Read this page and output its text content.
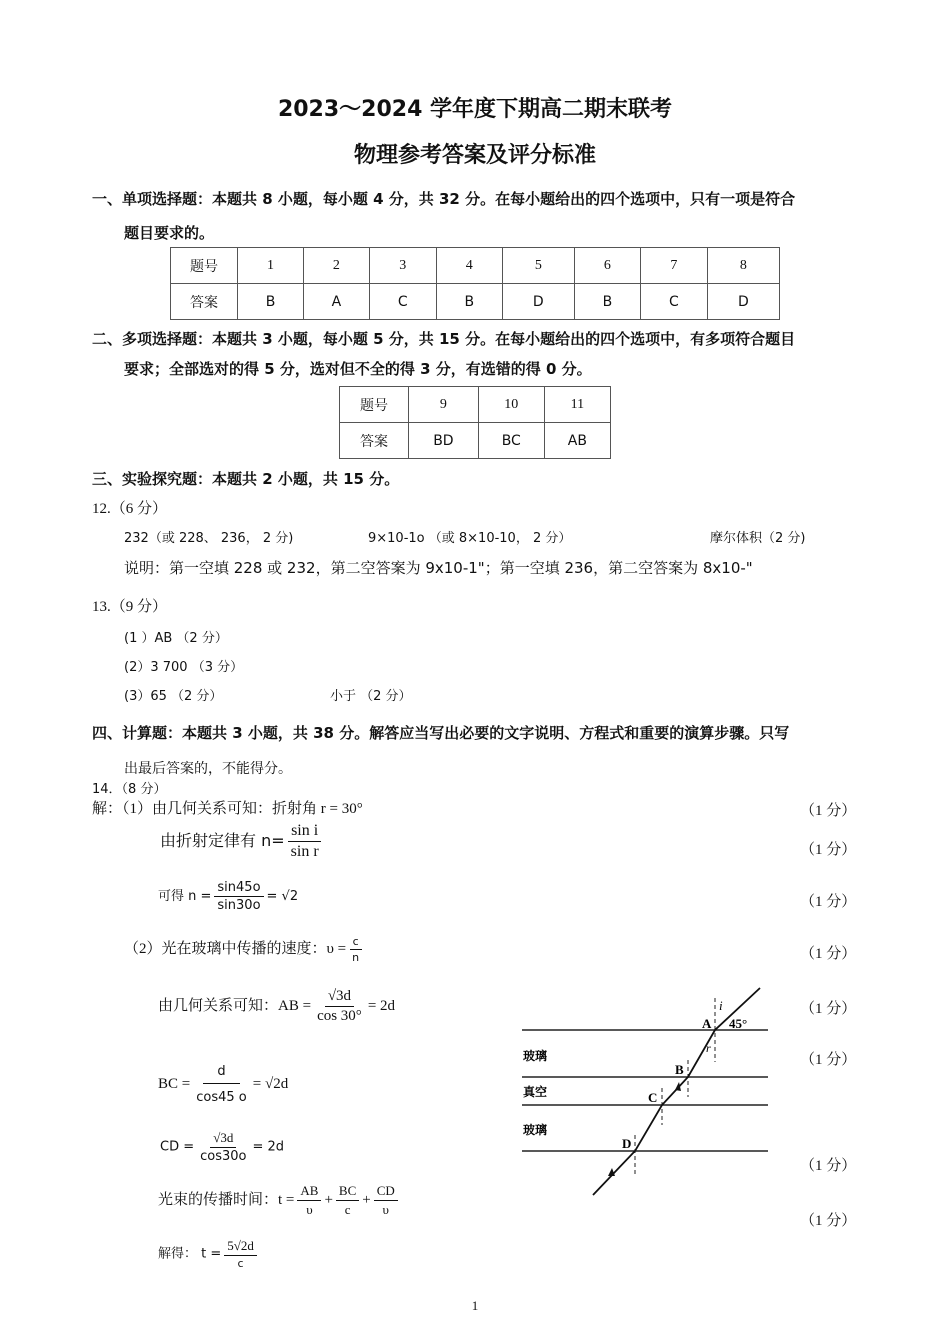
2023～2024 学年度下期高二期末联考
物理参考答案及评分标准
一、单项选择题：本题共 8 小题，每小题 4 分，共 32 分。在每小题给出的四个选项中，只有一项是符合
题目要求的。
题号	1	2	3	4	5	6	7	8
答案	B	A	C	B	D	B	C	D
二、多项选择题：本题共 3 小题，每小题 5 分，共 15 分。在每小题给出的四个选项中，有多项符合题目
要求；全部选对的得 5 分，选对但不全的得 3 分，有选错的得 0 分。
题号	9	10	11
答案	BD	BC	AB
三、实验探究题：本题共 2 小题，共 15 分。
12.（6 分）
232（或 228、 236， 2 分)	9×10-1o （或 8×10-10， 2 分）	摩尔体积（2 分)
说明：第一空填 228 或 232，第二空答案为 9x10-1"；第一空填 236，第二空答案为 8x10-"
13.（9 分）
(1 ）AB （2 分）
(2）3 700 （3 分）
(3）65 （2 分）	小于 （2 分）
四、计算题：本题共 3 小题，共 38 分。解答应当写出必要的文字说明、方程式和重要的演算步骤。只写
出最后答案的，不能得分。
14．（8 分）
解：（1）由几何关系可知：折射角 r = 30°
由折射定律有 $n= \frac{\text{sin i}}{\text{sin r}}$
可得 $n = \frac{\sin 45o}{\sin 30o} = √2$
（2）光在玻璃中传播的速度：$\upsilon = \frac{c}{n}$
由几何关系可知：AB = $\frac{√3d}{\cos 30^\circ} = 2d$
BC = $\frac{d}{\cos 45 o} = √2d$
CD = $\frac{√3d}{\cos 30o} = 2d$
光束的传播时间：$t = \frac{AB}{\upsilon} + \frac{BC}{c} + \frac{CD}{\upsilon}$
解得： $t = \frac{5√2d}{c}$
（1 分）
（1 分）
（1 分）
（1 分）
（1 分）
（1 分）
（1 分）
（1 分）
玻璃
真空
玻璃
A
B
C
D
45°
i
r
1
